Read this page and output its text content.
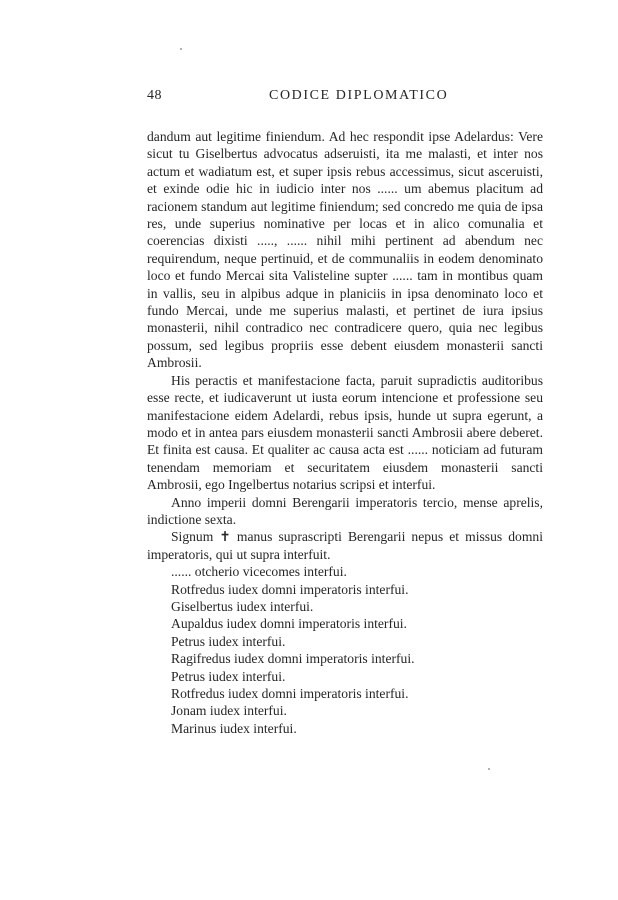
48	CODICE DIPLOMATICO

dandum aut legitime finiendum. Ad hec respondit ipse Adelardus: Vere sicut tu Giselbertus advocatus adseruisti, ita me malasti, et inter nos actum et wadiatum est, et super ipsis rebus accessimus, sicut asceruisti, et exinde odie hic in iudicio inter nos ...... um abemus placitum ad racionem standum aut legitime finiendum; sed concredo me quia de ipsa res, unde superius nominative per locas et in alico comunalia et coerencias dixisti ....., ...... nihil mihi pertinent ad abendum nec requirendum, neque pertinuid, et de communaliis in eodem denominato loco et fundo Mercai sita Valisteline supter ...... tam in montibus quam in vallis, seu in alpibus adque in planiciis in ipsa denominato loco et fundo Mercai, unde me superius malasti, et pertinet de iura ipsius monasterii, nihil contradico nec contradicere quero, quia nec legibus possum, sed legibus propriis esse debent eiusdem monasterii sancti Ambrosii.

His peractis et manifestacione facta, paruit supradictis auditoribus esse recte, et iudicaverunt ut iusta eorum intencione et professione seu manifestacione eidem Adelardi, rebus ipsis, hunde ut supra egerunt, a modo et in antea pars eiusdem monasterii sancti Ambrosii abere deberet. Et finita est causa. Et qualiter ac causa acta est ...... noticiam ad futuram tenendam memoriam et securitatem eiusdem monasterii sancti Ambrosii, ego Ingelbertus notarius scripsi et interfui.

Anno imperii domni Berengarii imperatoris tercio, mense aprelis, indictione sexta.

Signum ✝ manus suprascripti Berengarii nepus et missus domni imperatoris, qui ut supra interfuit.

...... otcherio vicecomes interfui.

Rotfredus iudex domni imperatoris interfui.

Giselbertus iudex interfui.

Aupaldus iudex domni imperatoris interfui.

Petrus iudex interfui.

Ragifredus iudex domni imperatoris interfui.

Petrus iudex interfui.

Rotfredus iudex domni imperatoris interfui.

Jonam iudex interfui.

Marinus iudex interfui.
